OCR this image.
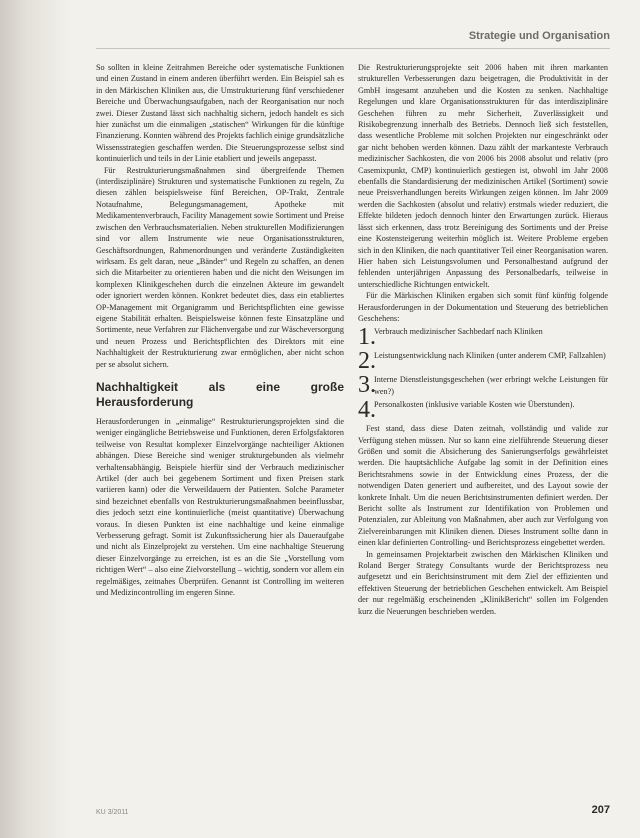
Strategie und Organisation

So sollten in kleine Zeitrahmen Bereiche oder systematische Funktionen und einen Zustand in einem anderen überführt werden. Ein Beispiel sah es in den Märkischen Kliniken aus, die Umstrukturierung fünf verschiedener Bereiche und Überwachungsaufgaben, nach der Reorganisation nur noch zwei. Dieser Zustand lässt sich nachhaltig sichern, jedoch handelt es sich hier zunächst um die einmaligen „statischen“ Wirkungen für die künftige Finanzierung. Konnten während des Projekts fachlich einige grundsätzliche Wissensstrategien geschaffen werden. Die Steuerungsprozesse selbst sind kontinuierlich und teils in der Linie etabliert und jeweils angepasst.

Für Restrukturierungsmaßnahmen sind übergreifende Themen (interdisziplinäre) Strukturen und systematische Funktionen zu regeln, Zu diesen zählen beispielsweise fünf Bereichen, OP-Trakt, Zentrale Notaufnahme, Belegungsmanagement, Apotheke mit Medikamentenverbrauch, Facility Management sowie Sortiment und Preise zwischen den Verbrauchsmaterialien. Neben strukturellen Modifizierungen sind vor allem Instrumente wie neue Organisationsstrukturen, Geschäftsordnungen, Rahmenordnungen und veränderte Zuständigkeiten wirksam. Es gelt daran, neue „Bänder“ und Regeln zu schaffen, an denen sich die Mitarbeiter zu orientieren haben und die nicht den Weisungen im komplexen Klinikgeschehen durch die einzelnen Akteure im gewandelt oder ignoriert werden können. Konkret bedeutet dies, dass ein etabliertes OP-Management mit Organigramm und Berichtspflichten eine gewisse eigene Stabilität erhalten. Beispielsweise können feste Einsatzpläne und Sortimente, neue Verfahren zur Flächenvergabe und zur Wäscheversorgung und neuen Prozess und Berichtspflichten des Direktors mit eine Nachhaltigkeit der Restrukturierung zwar ermöglichen, aber nicht schon per se absolut sichern.

Nachhaltigkeit als eine große Herausforderung

Herausforderungen in „einmalige“ Restrukturierungsprojekten sind die weniger eingängliche Betriebsweise und Funktionen, deren Erfolgsfaktoren teilweise von Resultat komplexer Einzelvorgänge nachteiliger Aktionen abhängen. Diese Bereiche sind weniger strukturgebunden als vielmehr verhaltensabhängig. Beispiele hierfür sind der Verbrauch medizinischer Artikel (der auch bei gegebenem Sortiment und fixen Preisen stark variieren kann) oder die Verweildauern der Patienten. Solche Parameter sind bezeichnet ebenfalls von Restrukturierungsmaßnahmen beeinflussbar, dies jedoch setzt eine kontinuierliche (meist quantitative) Überwachung voraus. In diesen Punkten ist eine nachhaltige und keine einmalige Verbesserung gefragt. Somit ist Zukunftssicherung hier als Daueraufgabe und nicht als Einzelprojekt zu verstehen. Um eine nachhaltige Steuerung dieser Einzelvorgänge zu erreichen, ist es an die Sie „Vorstellung vom richtigen Wert“ – also eine Zielvorstellung – wichtig, sondern vor allem ein regelmäßiges, zeitnahes Überprüfen. Genannt ist Controlling im weiteren und Medizincontrolling im engeren Sinne.

Die Restrukturierungsprojekte seit 2006 haben mit ihren markanten strukturellen Verbesserungen dazu beigetragen, die Produktivität in der GmbH insgesamt anzuheben und die Kosten zu senken. Nachhaltige Regelungen und klare Organisationsstrukturen für das interdisziplinäre Geschehen führen zu mehr Sicherheit, Zuverlässigkeit und Risikobegrenzung innerhalb des Betriebs. Dennoch ließ sich feststellen, dass wesentliche Probleme mit solchen Projekten nur eingeschränkt oder gar nicht behoben werden können. Dazu zählt der markanteste Verbrauch medizinischer Sachkosten, die von 2006 bis 2008 absolut und relativ (pro Casemixpunkt, CMP) kontinuierlich gestiegen ist, obwohl im Jahr 2008 ebenfalls die Standardisierung der medizinischen Artikel (Sortiment) sowie neue Preisverhandlungen bereits Wirkungen zeigen können. Im Jahr 2009 werden die Sachkosten (absolut und relativ) erstmals wieder reduziert, die Effekte bildeten jedoch dennoch hinter den Erwartungen zurück. Hieraus lässt sich erkennen, dass trotz Bereinigung des Sortiments und der Preise eine Kostensteigerung weiterhin möglich ist. Weitere Probleme ergeben sich in den Kliniken, die nach quantitativer Teil einer Reorganisation waren. Hier haben sich Leistungsvolumen und Personalbestand aufgrund der fehlenden unterjährigen Anpassung des Personalbedarfs, teilweise in unterschiedliche Richtungen entwickelt.

Für die Märkischen Kliniken ergaben sich somit fünf künftig folgende Herausforderungen in der Dokumentation und Steuerung des betrieblichen Geschehens:

1.
Verbrauch medizinischer Sachbedarf nach Kliniken
2.
Leistungsentwicklung nach Kliniken (unter anderem CMP, Fallzahlen)
3.
Interne Dienstleistungsgeschehen (wer erbringt welche Leistungen für wen?)
4.
Personalkosten (inklusive variable Kosten wie Überstunden).

Fest stand, dass diese Daten zeitnah, vollständig und valide zur Verfügung stehen müssen. Nur so kann eine zielführende Steuerung dieser Größen und somit die Absicherung des Sanierungserfolgs gewährleistet werden. Die hauptsächliche Aufgabe lag somit in der Definition eines Berichtsrahmens sowie in der Entwicklung eines Prozess, der die notwendigen Daten generiert und aufbereitet, und des Layout sowie der konkrete Inhalt. Um die neuen Berichtsinstrumenten definiert werden. Der Bericht sollte als Instrument zur Identifikation von Problemen und Potenzialen, zur Ableitung von Maßnahmen, aber auch zur Verfolgung von Zielvereinbarungen mit Kliniken dienen. Dieses Instrument sollte dann in einen klar definierten Controlling- und Berichtsprozess eingebettet werden.

In gemeinsamen Projektarbeit zwischen den Märkischen Kliniken und Roland Berger Strategy Consultants wurde der Berichtsprozess neu aufgesetzt und ein Berichtsinstrument mit dem Ziel der effizienten und effektiven Steuerung der betrieblichen Geschehen entwickelt. Am Beispiel der nur regelmäßig erscheinenden „KlinikBericht“ sollen im Folgenden kurz die Neuerungen beschrieben werden.

KU 3/2011	207
